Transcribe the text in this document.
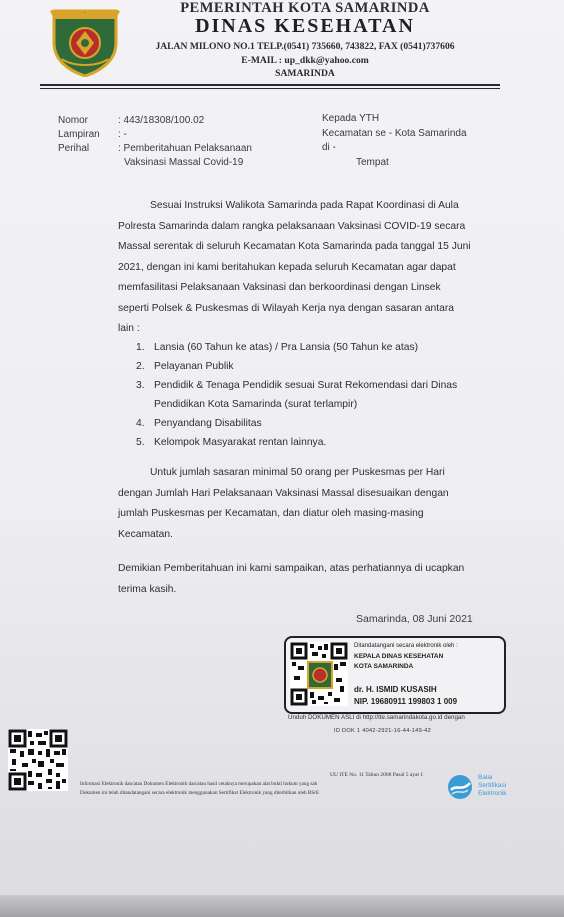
PEMERINTAH KOTA SAMARINDA
DINAS KESEHATAN
JALAN MILONO NO.1 TELP.(0541) 735660, 743822, FAX (0541)737606
E-MAIL : up_dkk@yahoo.com
SAMARINDA
Nomor	: 443/18308/100.02
Lampiran : -
Perihal	: Pemberitahuan Pelaksanaan
Vaksinasi Massal Covid-19
Kepada YTH
Kecamatan se - Kota Samarinda
di -
Tempat

Sesuai Instruksi Walikota Samarinda pada Rapat Koordinasi di Aula

Polresta Samarinda dalam rangka pelaksanaan Vaksinasi COVID-19 secara

Massal serentak di seluruh Kecamatan Kota Samarinda pada tanggal 15 Juni

2021, dengan ini kami beritahukan kepada seluruh Kecamatan agar dapat

memfasilitasi Pelaksanaan Vaksinasi dan berkoordinasi dengan Linsek

seperti Polsek & Puskesmas di Wilayah Kerja nya dengan sasaran antara

lain :

1. Lansia (60 Tahun ke atas) / Pra Lansia (50 Tahun ke atas)
2. Pelayanan Publik
3. Pendidik & Tenaga Pendidik sesuai Surat Rekomendasi dari Dinas
Pendidikan Kota Samarinda (surat terlampir)
4. Penyandang Disabilitas
5. Kelompok Masyarakat rentan lainnya.

Untuk jumlah sasaran minimal 50 orang per Puskesmas per Hari

dengan Jumlah Hari Pelaksanaan Vaksinasi Massal disesuaikan dengan

jumlah Puskesmas per Kecamatan, dan diatur oleh masing-masing

Kecamatan.

Demikian Pemberitahuan ini kami sampaikan, atas perhatiannya di ucapkan

terima kasih.

Samarinda, 08 Juni 2021
Ditandatangani secara elektronik oleh :
KEPALA DINAS KESEHATAN
KOTA SAMARINDA
dr. H. ISMID KUSASIH
NIP. 19680911 199803 1 009
Unduh DOKUMEN ASLI di http://tte.samarindakota.go.id dengan
ID DOK 1 4042-2921-16-44-149-42
UU ITE No. 11 Tahun 2008 Pasal 5 ayat 1
Informasi Elektronik dan/atau Dokumen Elektronik dan/atau hasil cetaknya merupakan alat bukti hukum yang sah
Dokumen ini telah ditandatangani secara elektronik menggunakan Sertifikat Elektronik yang diterbitkan oleh BSrE
Balai
Sertifikasi
Elektronik
